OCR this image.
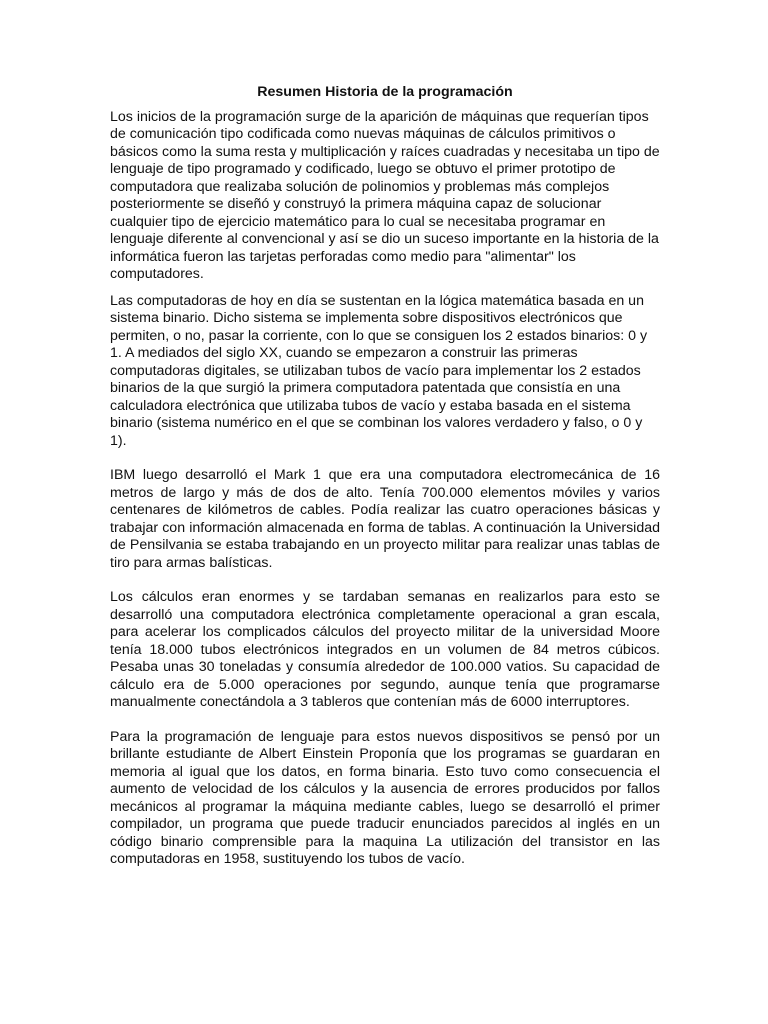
Resumen Historia de la programación

Los inicios de la programación surge de la aparición de máquinas que requerían tipos de comunicación tipo codificada como nuevas máquinas de cálculos primitivos o básicos como la suma resta y multiplicación y raíces cuadradas y necesitaba un tipo de lenguaje de tipo programado y codificado, luego se obtuvo el primer prototipo de computadora que realizaba solución de polinomios y problemas más complejos posteriormente se diseñó y construyó la primera máquina capaz de solucionar cualquier tipo de ejercicio matemático para lo cual se necesitaba programar en lenguaje diferente al convencional y así se dio un suceso importante en la historia de la informática fueron las tarjetas perforadas como medio para "alimentar" los computadores.

Las computadoras de hoy en día se sustentan en la lógica matemática basada en un sistema binario. Dicho sistema se implementa sobre dispositivos electrónicos que permiten, o no, pasar la corriente, con lo que se consiguen los 2 estados binarios: 0 y 1. A mediados del siglo XX, cuando se empezaron a construir las primeras computadoras digitales, se utilizaban tubos de vacío para implementar los 2 estados binarios de la que surgió la primera computadora patentada que consistía en una calculadora electrónica que utilizaba tubos de vacío y estaba basada en el sistema binario (sistema numérico en el que se combinan los valores verdadero y falso, o 0 y 1).

IBM luego desarrolló el Mark 1 que era una computadora electromecánica de 16 metros de largo y más de dos de alto. Tenía 700.000 elementos móviles y varios centenares de kilómetros de cables. Podía realizar las cuatro operaciones básicas y trabajar con información almacenada en forma de tablas. A continuación la Universidad de Pensilvania se estaba trabajando en un proyecto militar para realizar unas tablas de tiro para armas balísticas.

Los cálculos eran enormes y se tardaban semanas en realizarlos para esto se desarrolló una computadora electrónica completamente operacional a gran escala, para acelerar los complicados cálculos del proyecto militar de la universidad Moore tenía 18.000 tubos electrónicos integrados en un volumen de 84 metros cúbicos. Pesaba unas 30 toneladas y consumía alrededor de 100.000 vatios. Su capacidad de cálculo era de 5.000 operaciones por segundo, aunque tenía que programarse manualmente conectándola a 3 tableros que contenían más de 6000 interruptores.

Para la programación de lenguaje para estos nuevos dispositivos se pensó por un brillante estudiante de Albert Einstein Proponía que los programas se guardaran en memoria al igual que los datos, en forma binaria. Esto tuvo como consecuencia el aumento de velocidad de los cálculos y la ausencia de errores producidos por fallos mecánicos al programar la máquina mediante cables, luego se desarrolló el primer compilador, un programa que puede traducir enunciados parecidos al inglés en un código binario comprensible para la maquina La utilización del transistor en las computadoras en 1958, sustituyendo los tubos de vacío.
